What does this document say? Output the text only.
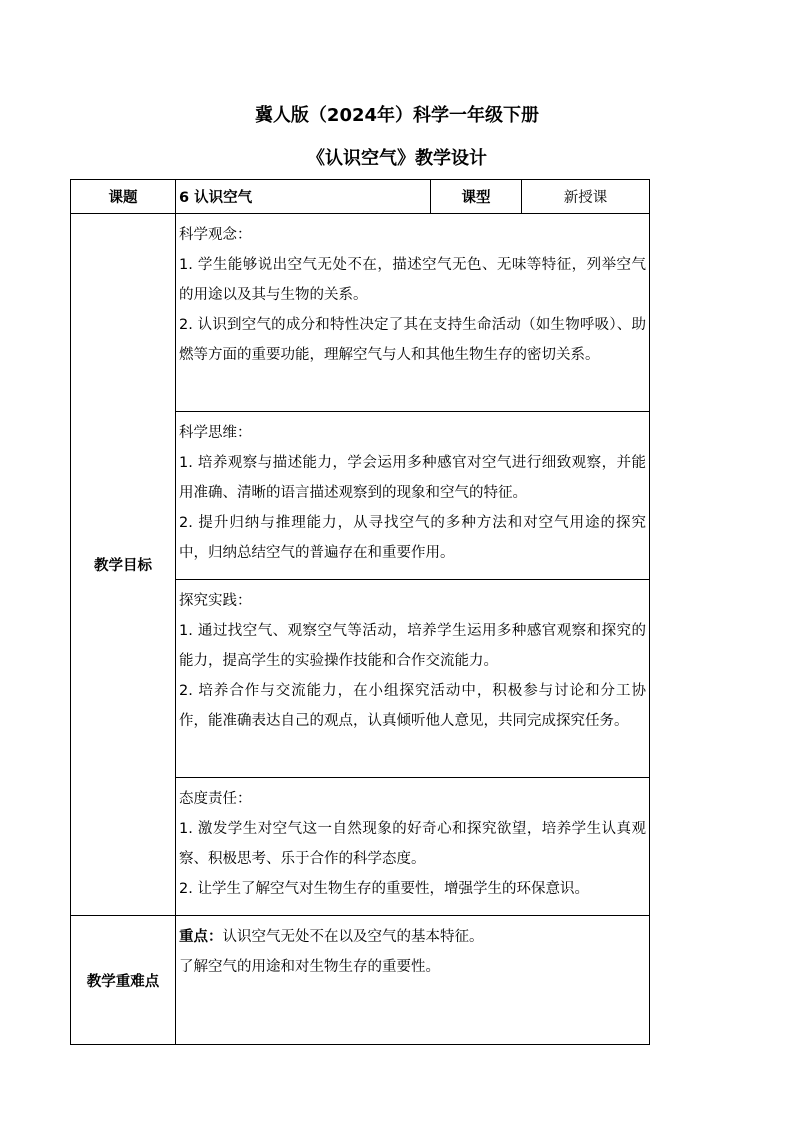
冀人版（2024年）科学一年级下册
《认识空气》教学设计
课题	6 认识空气	课型	新授课
教学目标	科学观念：
1. 学生能够说出空气无处不在，描述空气无色、无味等特征，列举空气的用途以及其与生物的关系。
2. 认识到空气的成分和特性决定了其在支持生命活动（如生物呼吸）、助燃等方面的重要功能，理解空气与人和其他生物生存的密切关系。		

	科学思维：
1. 培养观察与描述能力，学会运用多种感官对空气进行细致观察，并能用准确、清晰的语言描述观察到的现象和空气的特征。
2. 提升归纳与推理能力，从寻找空气的多种方法和对空气用途的探究中，归纳总结空气的普遍存在和重要作用。		

	探究实践：
1. 通过找空气、观察空气等活动，培养学生运用多种感官观察和探究的能力，提高学生的实验操作技能和合作交流能力。
2. 培养合作与交流能力，在小组探究活动中，积极参与讨论和分工协作，能准确表达自己的观点，认真倾听他人意见，共同完成探究任务。		

	态度责任：
1. 激发学生对空气这一自然现象的好奇心和探究欲望，培养学生认真观察、积极思考、乐于合作的科学态度。
2. 让学生了解空气对生物生存的重要性，增强学生的环保意识。		

教学重难点	重点：认识空气无处不在以及空气的基本特征。
了解空气的用途和对生物生存的重要性。		
